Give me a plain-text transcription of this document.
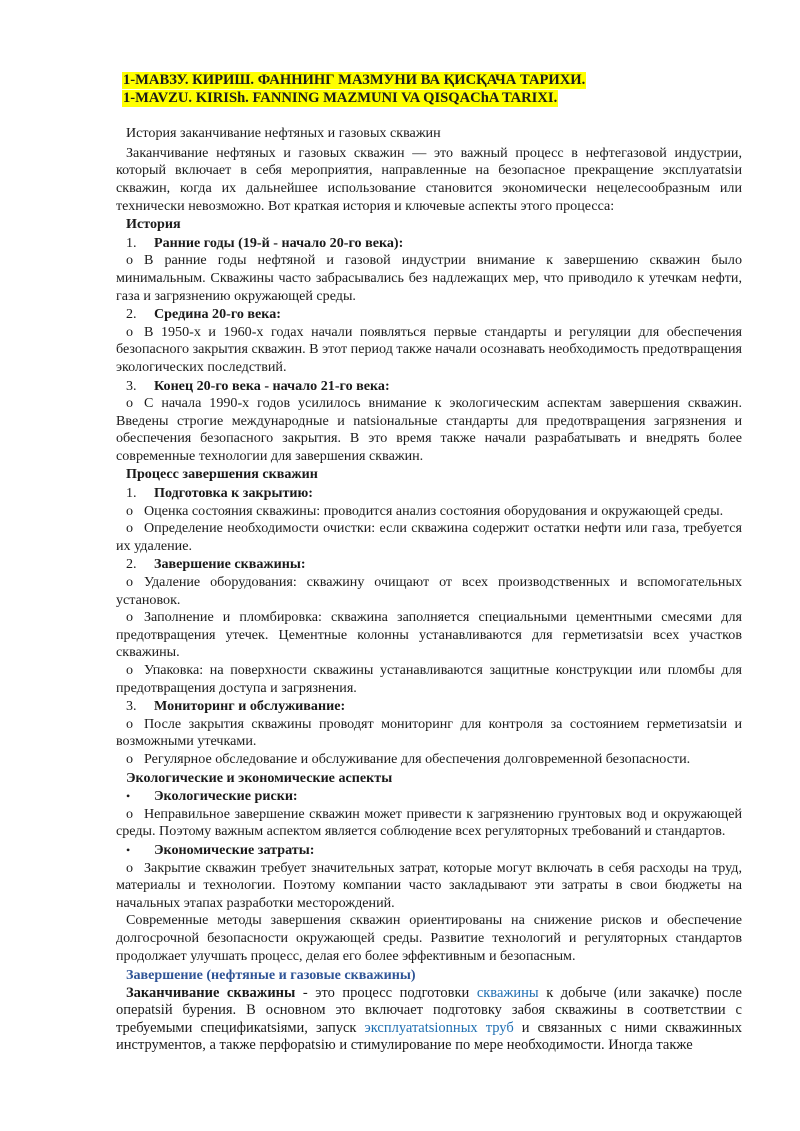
1-МАВЗУ. КИРИШ. ФАННИНГ МАЗМУНИ ВА ҚИСҚАЧА ТАРИХИ.
1-MAVZU. KIRISh. FANNING MAZMUNI VA QISQAChA TARIXI.

История заканчивание нефтяных и газовых скважин

Заканчивание нефтяных и газовых скважин — это важный процесс в нефтегазовой индустрии, который включает в себя мероприятия, направленные на безопасное прекращение эксплуатatsiи скважин, когда их дальнейшее использование становится экономически нецелесообразным или технически невозможно. Вот краткая история и ключевые аспекты этого процесса:

История
1.	Ранние годы (19-й - начало 20-го века):

o В ранние годы нефтяной и газовой индустрии внимание к завершению скважин было минимальным. Скважины часто забрасывались без надлежащих мер, что приводило к утечкам нефти, газа и загрязнению окружающей среды.

2.	Средина 20-го века:

o В 1950-х и 1960-х годах начали появляться первые стандарты и регуляции для обеспечения безопасного закрытия скважин. В этот период также начали осознавать необходимость предотвращения экологических последствий.

3.	Конец 20-го века - начало 21-го века:

o С начала 1990-х годов усилилось внимание к экологическим аспектам завершения скважин. Введены строгие международные и natsiональные стандарты для предотвращения загрязнения и обеспечения безопасного закрытия. В это время также начали разрабатывать и внедрять более современные технологии для завершения скважин.

Процесс завершения скважин
1.	Подготовка к закрытию:

o Оценка состояния скважины: проводится анализ состояния оборудования и окружающей среды.

o Определение необходимости очистки: если скважина содержит остатки нефти или газа, требуется их удаление.

2.	Завершение скважины:

o Удаление оборудования: скважину очищают от всех производственных и вспомогательных установок.

o Заполнение и пломбировка: скважина заполняется специальными цементными смесями для предотвращения утечек. Цементные колонны устанавливаются для герметизatsiи всех участков скважины.

o Упаковка: на поверхности скважины устанавливаются защитные конструкции или пломбы для предотвращения доступа и загрязнения.

3.	Мониторинг и обслуживание:

o После закрытия скважины проводят мониторинг для контроля за состоянием герметизatsiи и возможными утечками.

o Регулярное обследование и обслуживание для обеспечения долговременной безопасности.

Экологические и экономические аспекты
•	Экологические риски:

o Неправильное завершение скважин может привести к загрязнению грунтовых вод и окружающей среды. Поэтому важным аспектом является соблюдение всех регуляторных требований и стандартов.

•	Экономические затраты:

o Закрытие скважин требует значительных затрат, которые могут включать в себя расходы на труд, материалы и технологии. Поэтому компании часто закладывают эти затраты в свои бюджеты на начальных этапах разработки месторождений.

Современные методы завершения скважин ориентированы на снижение рисков и обеспечение долгосрочной безопасности окружающей среды. Развитие технологий и регуляторных стандартов продолжает улучшать процесс, делая его более эффективным и безопасным.

Завершение (нефтяные и газовые скважины)

Заканчивание скважины - это процесс подготовки скважины к добыче (или закачке) после операtsiй бурения. В основном это включает подготовку забоя скважины в соответствии с требуемыми спецификаtsiями, запуск эксплуатatsionных труб и связанных с ними скважинных инструментов, а также перфораtsiю и стимулирование по мере необходимости. Иногда также
